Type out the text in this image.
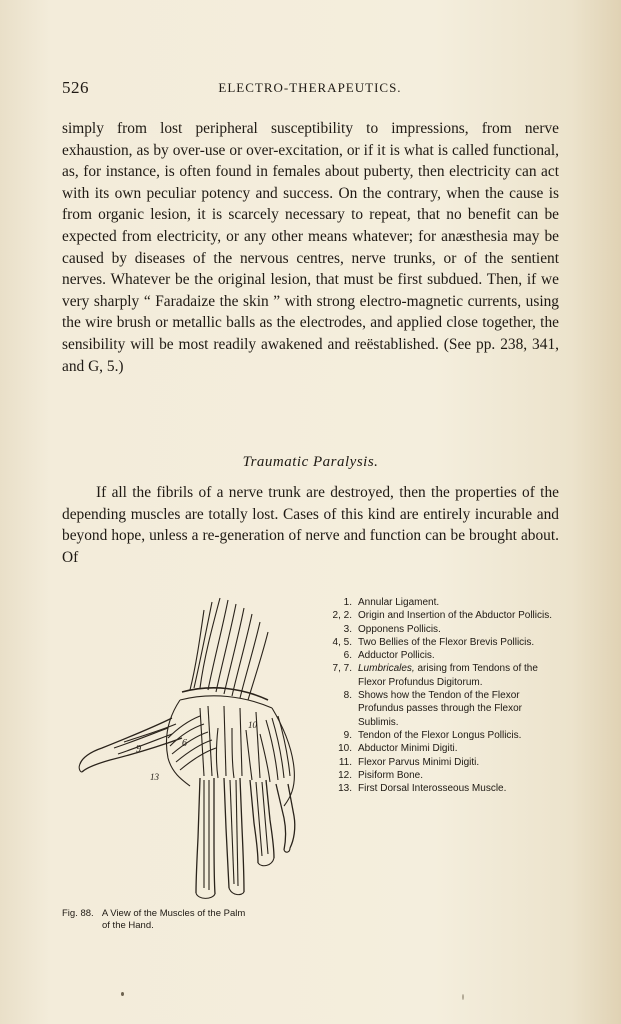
526	ELECTRO-THERAPEUTICS.

simply from lost peripheral susceptibility to impressions, from nerve exhaustion, as by over-use or over-excitation, or if it is what is called functional, as, for instance, is often found in females about puberty, then electricity can act with its own peculiar potency and success. On the contrary, when the cause is from organic lesion, it is scarcely necessary to repeat, that no benefit can be expected from electricity, or any other means whatever; for anæsthesia may be caused by diseases of the nervous centres, nerve trunks, or of the sentient nerves. Whatever be the original lesion, that must be first subdued. Then, if we very sharply “ Faradaize the skin ” with strong electro-magnetic currents, using the wire brush or metallic balls as the electrodes, and applied close together, the sensibility will be most readily awakened and reëstablished. (See pp. 238, 341, and G, 5.)

Traumatic Paralysis.

If all the fibrils of a nerve trunk are destroyed, then the properties of the depending muscles are totally lost. Cases of this kind are entirely incurable and beyond hope, unless a re-generation of nerve and function can be brought about. Of

9
6
13
10
Fig. 88. A View of the Muscles of the Palm
of the Hand.
1. Annular Ligament.
2, 2. Origin and Insertion of the Abductor Pollicis.
3. Opponens Pollicis.
4, 5. Two Bellies of the Flexor Brevis Pollicis.
6. Adductor Pollicis.
7, 7. Lumbricales, arising from Tendons of the Flexor Profundus Digitorum.
8. Shows how the Tendon of the Flexor Profundus passes through the Flexor Sublimis.
9. Tendon of the Flexor Longus Pollicis.
10. Abductor Minimi Digiti.
11. Flexor Parvus Minimi Digiti.
12. Pisiform Bone.
13. First Dorsal Interosseous Muscle.
